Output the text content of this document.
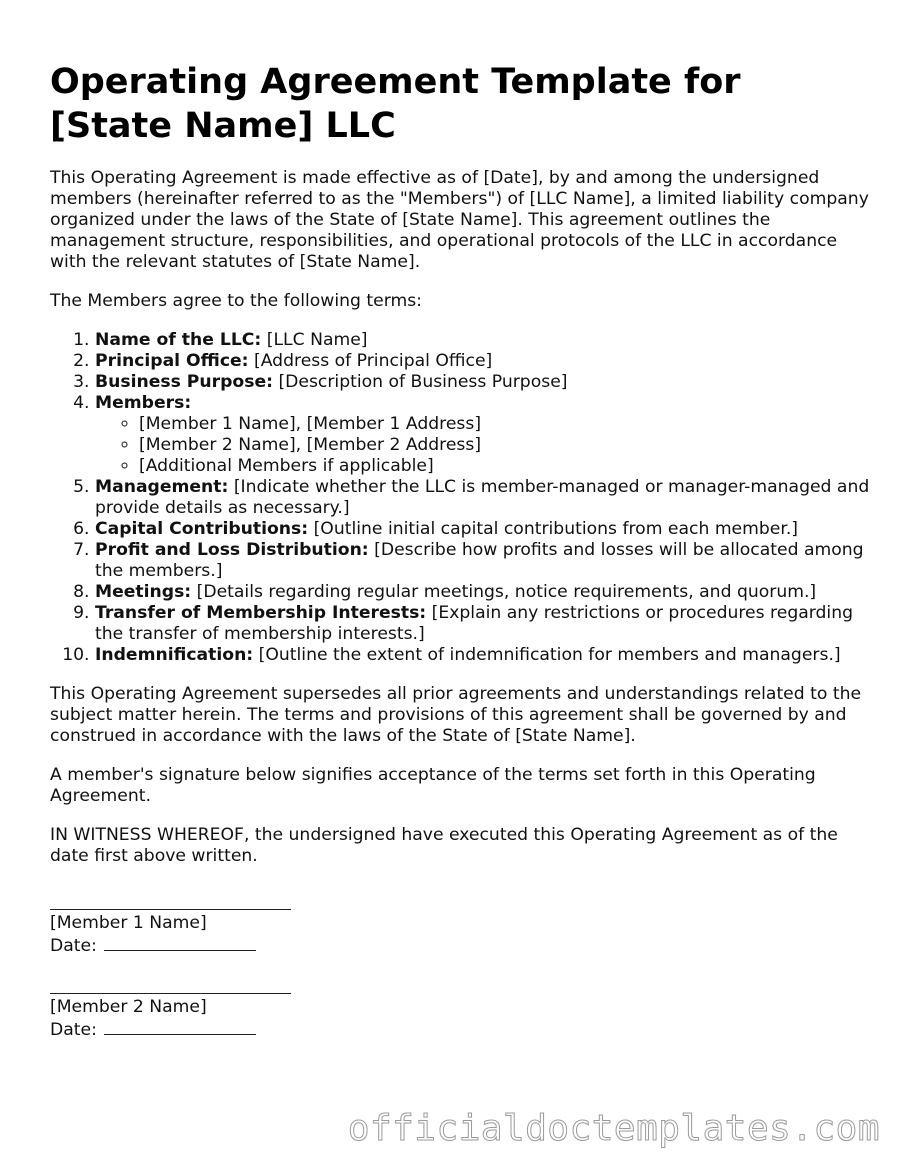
Operating Agreement Template for [State Name] LLC

This Operating Agreement is made effective as of [Date], by and among the undersigned members (hereinafter referred to as the "Members") of [LLC Name], a limited liability company organized under the laws of the State of [State Name]. This agreement outlines the management structure, responsibilities, and operational protocols of the LLC in accordance with the relevant statutes of [State Name].

The Members agree to the following terms:

1. Name of the LLC: [LLC Name]
2. Principal Office: [Address of Principal Office]
3. Business Purpose: [Description of Business Purpose]
4. Members:
◦ [Member 1 Name], [Member 1 Address]
◦ [Member 2 Name], [Member 2 Address]
◦ [Additional Members if applicable]
5. Management: [Indicate whether the LLC is member-managed or manager-managed and provide details as necessary.]
6. Capital Contributions: [Outline initial capital contributions from each member.]
7. Profit and Loss Distribution: [Describe how profits and losses will be allocated among the members.]
8. Meetings: [Details regarding regular meetings, notice requirements, and quorum.]
9. Transfer of Membership Interests: [Explain any restrictions or procedures regarding the transfer of membership interests.]
10. Indemnification: [Outline the extent of indemnification for members and managers.]

This Operating Agreement supersedes all prior agreements and understandings related to the subject matter herein. The terms and provisions of this agreement shall be governed by and construed in accordance with the laws of the State of [State Name].

A member's signature below signifies acceptance of the terms set forth in this Operating Agreement.

IN WITNESS WHEREOF, the undersigned have executed this Operating Agreement as of the date first above written.

[Member 1 Name]
Date:
[Member 2 Name]
Date:
officialdoctemplates.com
